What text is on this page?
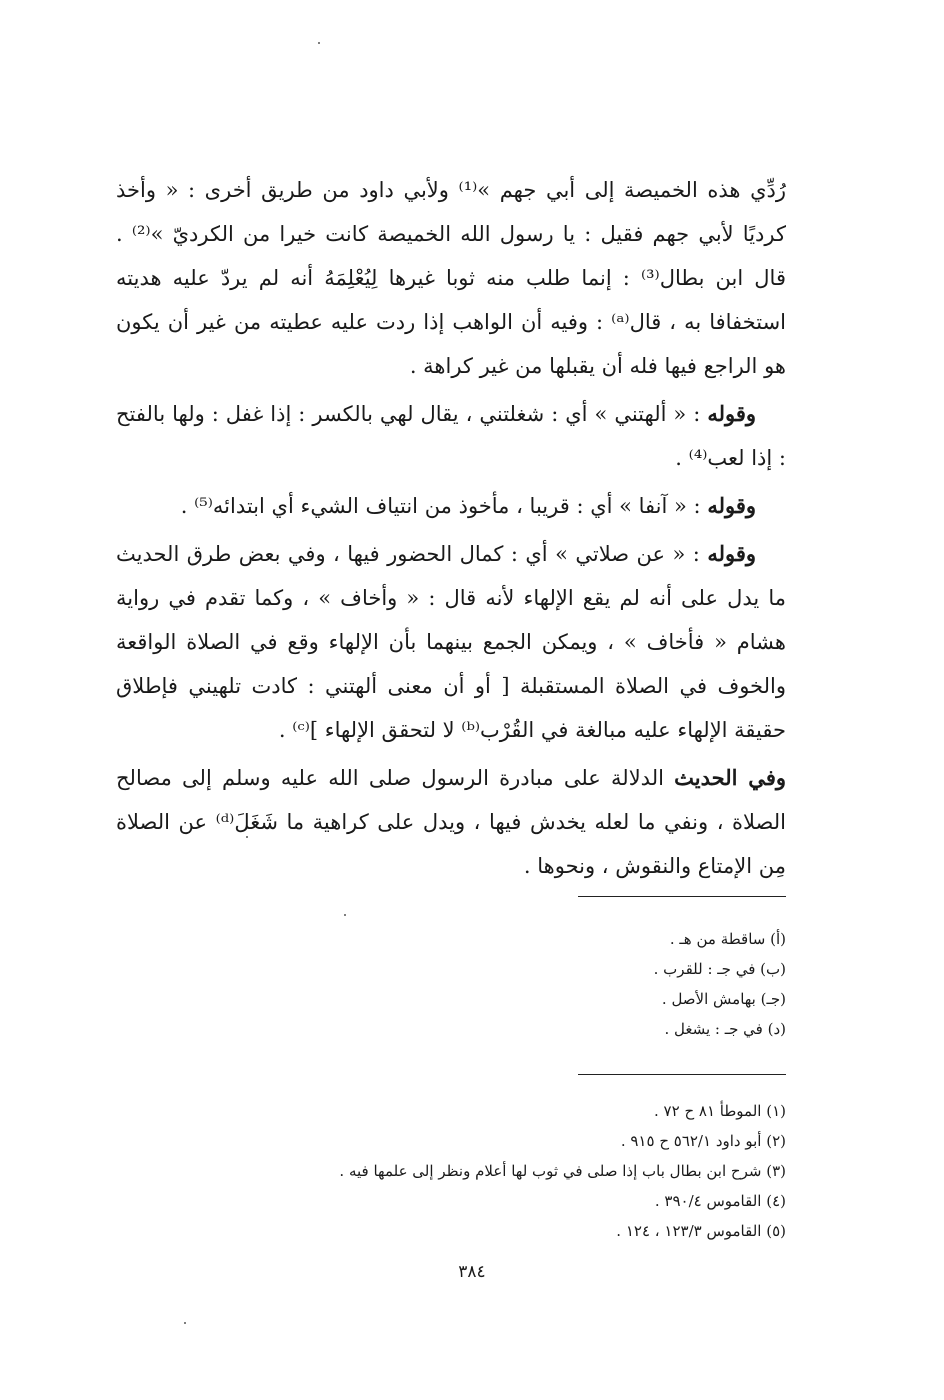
رُدِّي هذه الخميصة إلى أبي جهم »⁽¹⁾ ولأبي داود من طريق أخرى : « وأخذ كرديًا لأبي جهم فقيل : يا رسول الله الخميصة كانت خيرا من الكرديّ »⁽²⁾ . قال ابن بطال⁽³⁾ : إنما طلب منه ثوبا غيرها لِيُعْلِمَهُ أنه لم يردّ عليه هديته استخفافا به ، قال⁽ᵃ⁾ : وفيه أن الواهب إذا ردت عليه عطيته من غير أن يكون هو الراجع فيها فله أن يقبلها من غير كراهة .

وقوله : « ألهتني » أي : شغلتني ، يقال لهي بالكسر : إذا غفل : ولها بالفتح : إذا لعب⁽⁴⁾ .

وقوله : « آنفا » أي : قريبا ، مأخوذ من انتياف الشيء أي ابتدائه⁽⁵⁾ .

وقوله : « عن صلاتي » أي : كمال الحضور فيها ، وفي بعض طرق الحديث ما يدل على أنه لم يقع الإلهاء لأنه قال : « وأخاف » ، وكما تقدم في رواية هشام « فأخاف » ، ويمكن الجمع بينهما بأن الإلهاء وقع في الصلاة الواقعة والخوف في الصلاة المستقبلة [ أو أن معنى ألهتني : كادت تلهيني فإطلاق حقيقة الإلهاء عليه مبالغة في القُرْب⁽ᵇ⁾ لا لتحقق الإلهاء ]⁽ᶜ⁾ .

وفي الحديث الدلالة على مبادرة الرسول صلى الله عليه وسلم إلى مصالح الصلاة ، ونفي ما لعله يخدش فيها ، ويدل على كراهية ما شَغَلَ⁽ᵈ⁾ عن الصلاة مِن الإمتاع والنقوش ، ونحوها .

(أ) ساقطة من هـ .
(ب) في جـ : للقرب .
(جـ) بهامش الأصل .
(د) في جـ : يشغل .
(١) الموطأ ٨١ ح ٧٢ .
(٢) أبو داود ٥٦٢/١ ح ٩١٥ .
(٣) شرح ابن بطال باب إذا صلى في ثوب لها أعلام ونظر إلى علمها فيه .
(٤) القاموس ٣٩٠/٤ .
(٥) القاموس ١٢٣/٣ ، ١٢٤ .
٣٨٤
